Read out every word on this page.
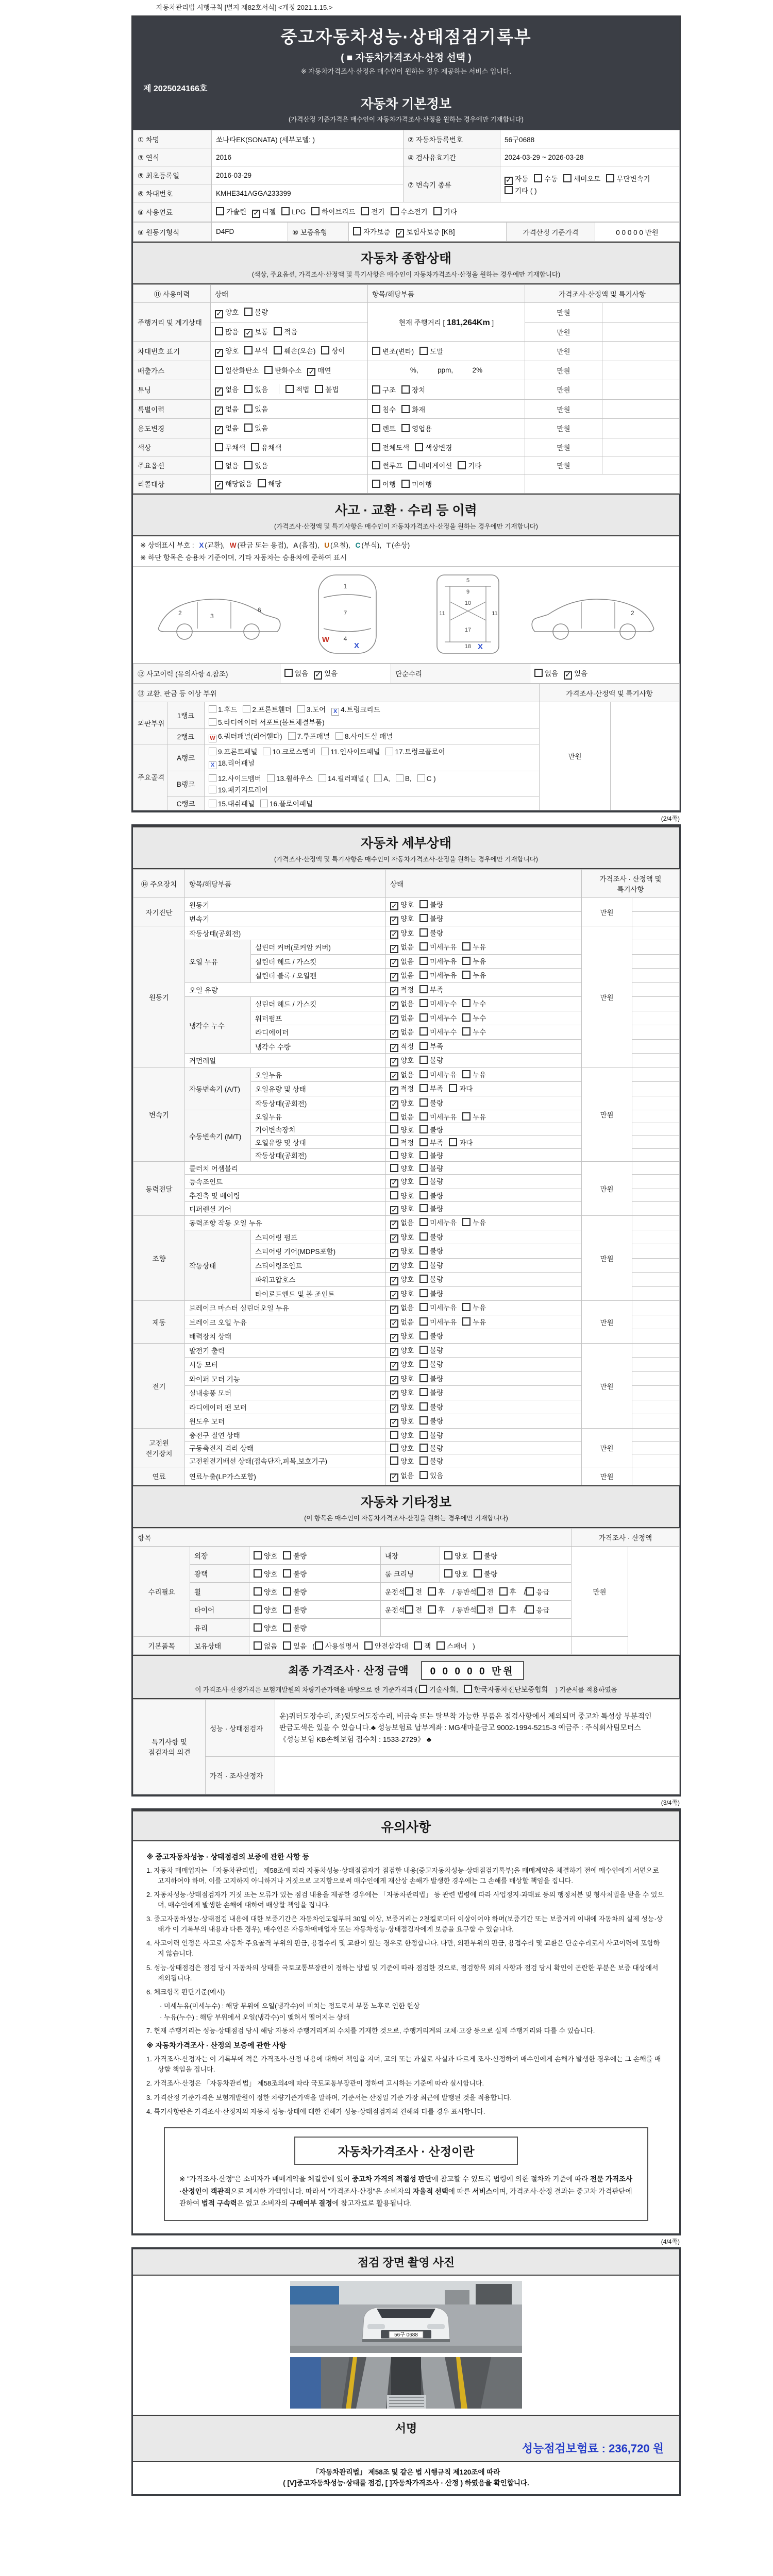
자동차관리법 시행규칙 [별지 제82호서식] <개정 2021.1.15.>
중고자동차성능·상태점검기록부
( ■ 자동차가격조사·산정 선택 )
※ 자동차가격조사·산정은 매수인이 원하는 경우 제공하는 서비스 입니다.
제 2025024166호
자동차 기본정보
(가격산정 기준가격은 매수인이 자동차가격조사·산정을 원하는 경우에만 기재합니다)
① 차명	쏘나타EK(SONATA) (세부모델: )	② 자동차등록번호	56구0688
③ 연식	2016	④ 검사유효기간	2024-03-29 ~ 2026-03-28
⑤ 최초등록일	2016-03-29	⑦ 변속기 종류	✓자동 수동 세미오토 무단변속기기타 ( )
⑥ 차대번호	KMHE341AGGA233399		
⑧ 사용연료	가솔린 ✓ 디젤 LPG 하이브리드 전기 수소전기 기타
⑨ 원동기형식	D4FD	⑩ 보증유형	자가보증 ✓ 보험사보증 [KB]	가격산정 기준가격	0 0 0 0 0 만원
자동차 종합상태
(색상, 주요옵션, 가격조사·산정액 및 특기사항은 매수인이 자동차가격조사·산정을 원하는 경우에만 기재합니다)
⑪ 사용이력	상태	항목/해당부품	가격조사·산정액 및 특기사항	
주행거리 및 계기상태	✓양호 불량	현재 주행거리 [ 181,264Km ]	만원	
	많음 ✓ 보통 적음		만원	
차대번호 표기	✓양호 부식 훼손(오손) 상이	변조(변타) 도말	만원	
배출가스	일산화탄소 탄화수소 ✓ 매연	%,          ppm,          2%	만원	
튜닝	✓없음 있음 적법 불법	구조 장치	만원	
특별이력	✓없음 있음	침수 화재	만원	
용도변경	✓없음 있음	렌트 영업용	만원	
색상	무채색 유채색	전체도색 색상변경	만원	
주요옵션	없음 있음	썬루프 네비게이션 기타	만원	
리콜대상	✓해당없음 해당	이행 미이행		
사고 · 교환 · 수리 등 이력
(가격조사·산정액 및 특기사항은 매수인이 자동차가격조사·산정을 원하는 경우에만 기재합니다)
※ 상태표시 부호 : X (교환), W (판금 또는 용접), A (흠집), U (요철), C (부식), T (손상)
※ 하단 항목은 승용차 기준이며, 기타 자동차는 승용차에 준하여 표시
2	3
6
1
7
4
X
W
5
9
10
11	11
17
18 X
2
⑫ 사고이력 (유의사항 4.참조)	없음 ✓ 있음	단순수리	없음 ✓ 있음
⑬ 교환, 판금 등 이상 부위			가격조사·산정액 및 특기사항	
외판부위	1랭크	1.후드 2.프론트휀더 3.도어 X 4.트렁크리드
5.라디에이터 서포트(볼트체결부품)	만원	
	2랭크	W 6.쿼터패널(리어휀다) 7.루프패널 8.사이드실 패널		

주요골격	A랭크	9.프론트패널 10.크로스멤버 11.인사이드패널 17.트렁크플로어
X 18.리어패널		

	B랭크	12.사이드멤버 13.휠하우스 14.필러패널 ( A, B, C )
19.패키지트레이		

	C랭크	15.대쉬패널 16.플로어패널		
(2/4쪽)
자동차 세부상태
(가격조사·산정액 및 특기사항은 매수인이 자동차가격조사·산정을 원하는 경우에만 기재합니다)
⑭ 주요장치	항목/해당부품		상태	가격조사 · 산정액 및 특기사항	
자기진단	원동기	✓양호 불량	만원	
	변속기	✓양호 불량	
원동기	작동상태(공회전)	✓양호 불량	만원	
	오일 누유	실린더 커버(로커암 커버)	✓없음 미세누유 누유	
		실린더 헤드 / 가스킷	✓없음 미세누유 누유	
		실린더 블록 / 오일팬	✓없음 미세누유 누유	
	오일 유량	✓적정 부족	
	냉각수 누수	실린더 헤드 / 가스킷	✓없음 미세누수 누수	
		워터펌프	✓없음 미세누수 누수	
		라디에이터	✓없음 미세누수 누수	
		냉각수 수량	✓적정 부족	
	커먼레일	✓양호 불량	
변속기	자동변속기 (A/T)	오일누유	✓없음 미세누유 누유	만원	
		오일유량 및 상태	✓적정 부족 과다	
		작동상태(공회전)	✓양호 불량	
	수동변속기 (M/T)	오일누유	없음 미세누유 누유		
		기어변속장치	양호 불량		
		오일유량 및 상태	적정 부족 과다		
		작동상태(공회전)	양호 불량		
동력전달	클러치 어셈블리		양호 불량	만원	
	등속조인트	✓양호 불량	
	추진축 및 베어링		양호 불량		
	디퍼렌셜 기어	✓양호 불량	
조향	동력조향 작동 오일 누유	✓없음 미세누유 누유	만원	
	작동상태	스티어링 펌프	✓양호 불량	
		스티어링 기어(MDPS포함)	✓양호 불량	
		스티어링조인트	✓양호 불량	
		파워고압호스	✓양호 불량	
		타이로드엔드 및 볼 조인트	✓양호 불량	
제동	브레이크 마스터 실린더오일 누유	✓없음 미세누유 누유	만원	
	브레이크 오일 누유	✓없음 미세누유 누유	
	배력장치 상태	✓양호 불량	
전기	발전기 출력	✓양호 불량	만원	
	시동 모터	✓양호 불량	
	와이퍼 모터 기능	✓양호 불량	
	실내송풍 모터	✓양호 불량	
	라디에이터 팬 모터	✓양호 불량	
	윈도우 모터	✓양호 불량	
고전원 전기장치	충전구 절연 상태		양호 불량	만원	
	구동축전지 격리 상태		양호 불량		
	고전원전기배선 상태(접속단자,피복,보호기구)		양호 불량		
연료	연료누출(LP가스포함)	✓없음 있음	만원	
자동차 기타정보
(이 항목은 매수인이 자동차가격조사·산정을 원하는 경우에만 기재합니다)
항목					가격조사 · 산정액	
수리필요	외장	양호 불량	내장	양호 불량	만원	
	광택	양호 불량	룸 크리닝	양호 불량		
	휠	양호 불량	운전석 전 후 / 동반석 전 후 / 응급			
	타이어	양호 불량	운전석 전 후 / 동반석 전 후 / 응급			
	유리	양호 불량				
기본품목	보유상태	없음 있음 ( 사용설명서 안전삼각대 잭 스패너 )				
최종 가격조사 · 산정 금액 0 0 0 0 0 만원
이 가격조사·산정가격은 보험개발원의 차량기준가액을 바탕으로 한 기준가격과 ( 기술사회, 한국자동차진단보증협회 ) 기준서를 적용하였음
특기사항 및 점검자의 의견	성능 · 상태점검자	운)쿼터도장수리, 조)뒷도어도장수리, 비금속 또는 탈부착 가능한 부품은 점검사항에서 제외되며 중고차 특성상 부분적인 판금도색은 있을 수 있습니다.♣ 성능보험료 납부계좌 : MG새마을금고 9002-1994-5215-3 예금주 : 주식회사팀모터스 《성능보험 KB손해보험 접수처 : 1533-2729》 ♣
	가격 · 조사산정자	
(3/4쪽)
유의사항
※ 중고자동차성능 · 상태점검의 보증에 관한 사항 등
1. 자동차 매매업자는 「자동차관리법」 제58조에 따라 자동차성능·상태점검자가 점검한 내용(중고자동차성능·상태점검기록부)을 매매계약을 체결하기 전에 매수인에게 서면으로 고지하여야 하며, 이를 고지하지 아니하거나 거짓으로 고지함으로써 매수인에게 재산상 손해가 발생한 경우에는 그 손해를 배상할 책임을 집니다.
2. 자동차성능·상태점검자가 거짓 또는 오류가 있는 점검 내용을 제공한 경우에는 「자동차관리법」 등 관련 법령에 따라 사업정지·과태료 등의 행정처분 및 형사처벌을 받을 수 있으며, 매수인에게 발생한 손해에 대하여 배상할 책임을 집니다.
3. 중고자동차성능·상태점검 내용에 대한 보증기간은 자동차인도일부터 30일 이상, 보증거리는 2천킬로미터 이상이어야 하며(보증기간 또는 보증거리 이내에 자동차의 실제 성능·상태가 이 기록부의 내용과 다른 경우), 매수인은 자동차매매업자 또는 자동차성능·상태점검자에게 보증을 요구할 수 있습니다.
4. 사고이력 인정은 사고로 자동차 주요골격 부위의 판금, 용접수리 및 교환이 있는 경우로 한정합니다. 다만, 외판부위의 판금, 용접수리 및 교환은 단순수리로서 사고이력에 포함하지 않습니다.
5. 성능·상태점검은 점검 당시 자동차의 상태를 국토교통부장관이 정하는 방법 및 기준에 따라 점검한 것으로, 점검항목 외의 사항과 점검 당시 확인이 곤란한 부분은 보증 대상에서 제외됩니다.
6. 체크항목 판단기준(예시)
· 미세누유(미세누수) : 해당 부위에 오일(냉각수)이 비치는 정도로서 부품 노후로 인한 현상
· 누유(누수) : 해당 부위에서 오일(냉각수)이 맺혀서 떨어지는 상태
7. 현재 주행거리는 성능·상태점검 당시 해당 자동차 주행거리계의 수치를 기재한 것으로, 주행거리계의 교체·고장 등으로 실제 주행거리와 다를 수 있습니다.
※ 자동차가격조사 · 산정의 보증에 관한 사항
1. 가격조사·산정자는 이 기록부에 적은 가격조사·산정 내용에 대하여 책임을 지며, 고의 또는 과실로 사실과 다르게 조사·산정하여 매수인에게 손해가 발생한 경우에는 그 손해를 배상할 책임을 집니다.
2. 가격조사·산정은 「자동차관리법」 제58조의4에 따라 국토교통부장관이 정하여 고시하는 기준에 따라 실시합니다.
3. 가격산정 기준가격은 보험개발원이 정한 차량기준가액을 말하며, 기준서는 산정일 기준 가장 최근에 발행된 것을 적용합니다.
4. 특기사항란은 가격조사·산정자의 자동차 성능·상태에 대한 견해가 성능·상태점검자의 견해와 다를 경우 표시합니다.
자동차가격조사 · 산정이란
※ "가격조사·산정"은 소비자가 매매계약을 체결함에 있어 중고차 가격의 적절성 판단에 참고할 수 있도록 법령에 의한 절차와 기준에 따라 전문 가격조사·산정인이 객관적으로 제시한 가액입니다. 따라서 "가격조사·산정"은 소비자의 자율적 선택에 따른 서비스이며, 가격조사·산정 결과는 중고차 가격판단에 관하여 법적 구속력은 없고 소비자의 구매여부 결정에 참고자료로 활용됩니다.
(4/4쪽)
점검 장면 촬영 사진
56구 0688
서명
성능점검보험료 : 236,720 원
「자동차관리법」 제58조 및 같은 법 시행규칙 제120조에 따라
( [V]중고자동차성능·상태를 점검, [ ]자동차가격조사 · 산정 ) 하였음을 확인합니다.
